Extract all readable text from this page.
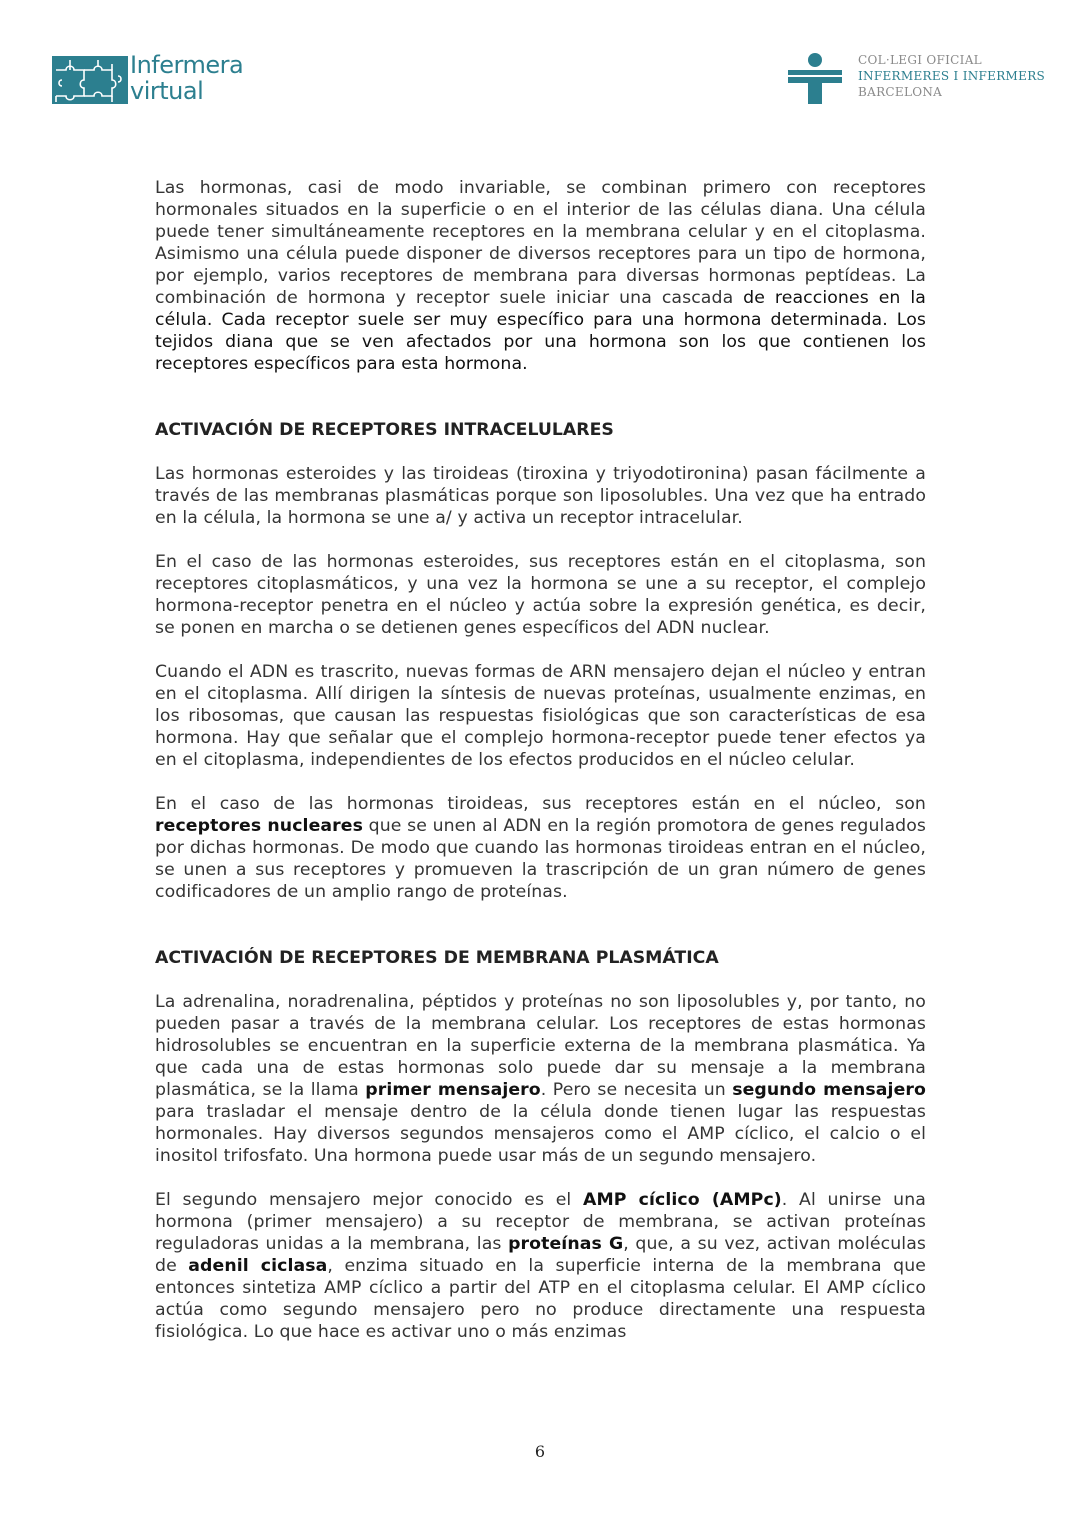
Infermera
virtual
COL·LEGI OFICIAL
INFERMERES I INFERMERS
BARCELONA

Las hormonas, casi de modo invariable, se combinan primero con receptores hormonales situados en la superficie o en el interior de las células diana. Una célula puede tener simultáneamente receptores en la membrana celular y en el citoplasma. Asimismo una célula puede disponer de diversos receptores para un tipo de hormona, por ejemplo, varios receptores de membrana para diversas hormonas peptídeas. La combinación de hormona y receptor suele iniciar una cascada de reacciones en la célula. Cada receptor suele ser muy específico para una hormona determinada. Los tejidos diana que se ven afectados por una hormona son los que contienen los receptores específicos para esta hormona.

ACTIVACIÓN DE RECEPTORES INTRACELULARES

Las hormonas esteroides y las tiroideas (tiroxina y triyodotironina) pasan fácilmente a través de las membranas plasmáticas porque son liposolubles. Una vez que ha entrado en la célula, la hormona se une a/ y activa un receptor intracelular.

En el caso de las hormonas esteroides, sus receptores están en el citoplasma, son receptores citoplasmáticos, y una vez la hormona se une a su receptor, el complejo hormona-receptor penetra en el núcleo y actúa sobre la expresión genética, es decir, se ponen en marcha o se detienen genes específicos del ADN nuclear.

Cuando el ADN es trascrito, nuevas formas de ARN mensajero dejan el núcleo y entran en el citoplasma. Allí dirigen la síntesis de nuevas proteínas, usualmente enzimas, en los ribosomas, que causan las respuestas fisiológicas que son características de esa hormona. Hay que señalar que el complejo hormona-receptor puede tener efectos ya en el citoplasma, independientes de los efectos producidos en el núcleo celular.

En el caso de las hormonas tiroideas, sus receptores están en el núcleo, son receptores nucleares que se unen al ADN en la región promotora de genes regulados por dichas hormonas. De modo que cuando las hormonas tiroideas entran en el núcleo, se unen a sus receptores y promueven la trascripción de un gran número de genes codificadores de un amplio rango de proteínas.

ACTIVACIÓN DE RECEPTORES DE MEMBRANA PLASMÁTICA

La adrenalina, noradrenalina, péptidos y proteínas no son liposolubles y, por tanto, no pueden pasar a través de la membrana celular. Los receptores de estas hormonas hidrosolubles se encuentran en la superficie externa de la membrana plasmática. Ya que cada una de estas hormonas solo puede dar su mensaje a la membrana plasmática, se la llama primer mensajero. Pero se necesita un segundo mensajero para trasladar el mensaje dentro de la célula donde tienen lugar las respuestas hormonales. Hay diversos segundos mensajeros como el AMP cíclico, el calcio o el inositol trifosfato. Una hormona puede usar más de un segundo mensajero.

El segundo mensajero mejor conocido es el AMP cíclico (AMPc). Al unirse una hormona (primer mensajero) a su receptor de membrana, se activan proteínas reguladoras unidas a la membrana, las proteínas G, que, a su vez, activan moléculas de adenil ciclasa, enzima situado en la superficie interna de la membrana que entonces sintetiza AMP cíclico a partir del ATP en el citoplasma celular. El AMP cíclico actúa como segundo mensajero pero no produce directamente una respuesta fisiológica. Lo que hace es activar uno o más enzimas

6
